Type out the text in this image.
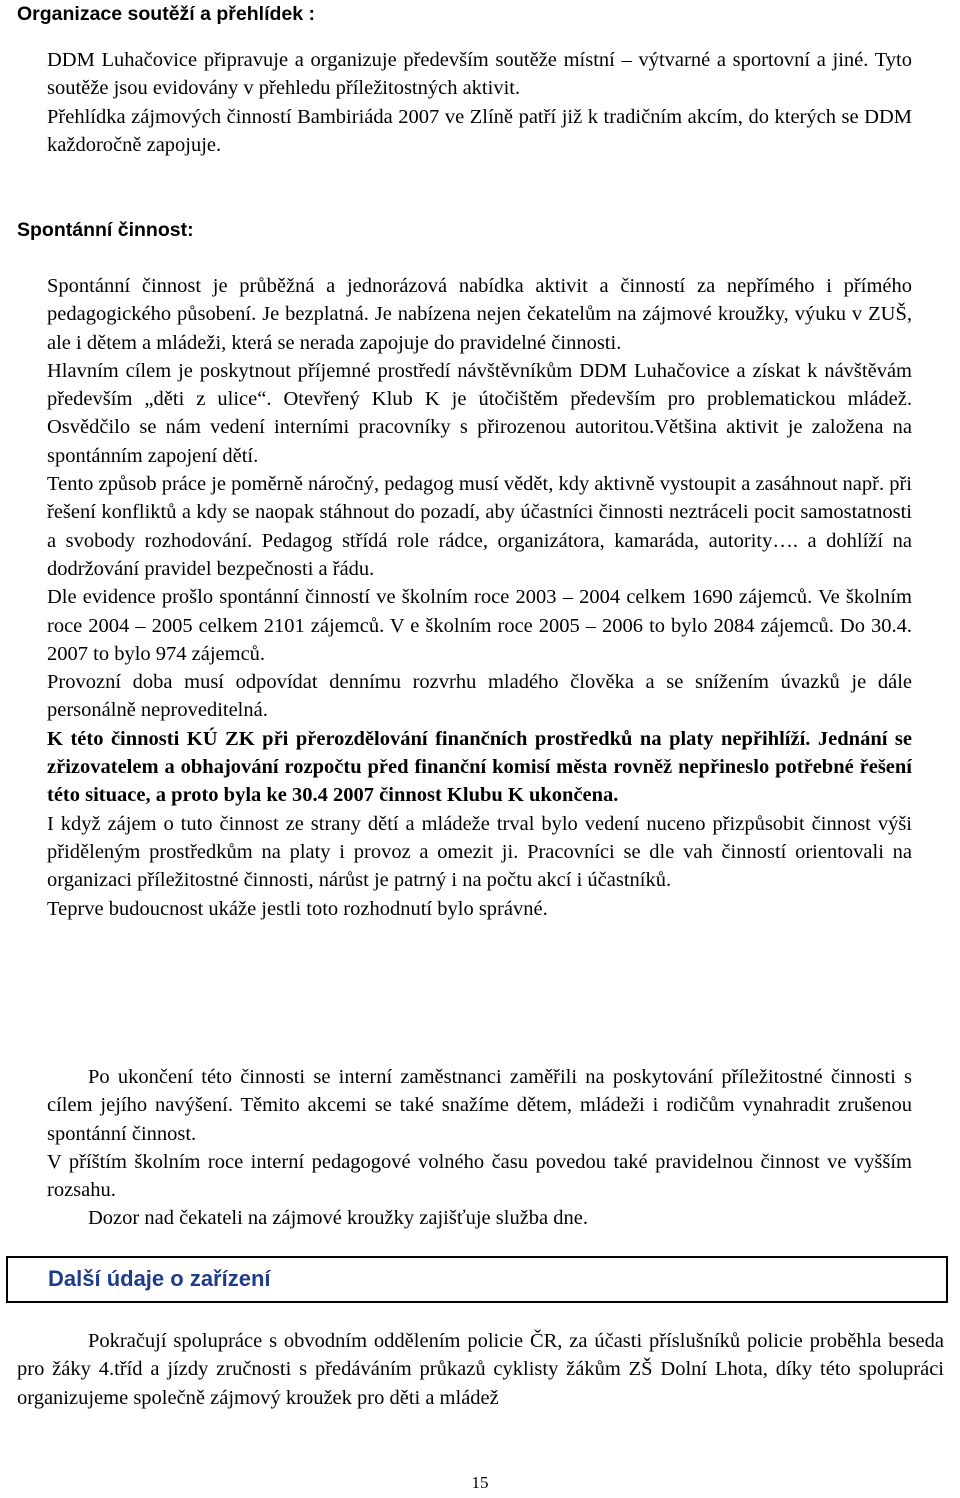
Organizace soutěží a přehlídek :

DDM Luhačovice připravuje a organizuje především soutěže místní – výtvarné a sportovní a jiné. Tyto soutěže jsou evidovány v přehledu příležitostných aktivit.

Přehlídka zájmových činností Bambiriáda 2007 ve Zlíně patří již k tradičním akcím, do kterých se DDM každoročně zapojuje.

Spontánní činnost:

Spontánní činnost je průběžná a jednorázová nabídka aktivit a činností za nepřímého i přímého pedagogického působení. Je bezplatná. Je nabízena nejen čekatelům na zájmové kroužky, výuku v ZUŠ, ale i dětem a mládeži, která se nerada zapojuje do pravidelné činnosti.

Hlavním cílem je poskytnout příjemné prostředí návštěvníkům DDM Luhačovice a získat k návštěvám především „děti z ulice“. Otevřený Klub K je útočištěm především pro problematickou mládež. Osvědčilo se nám vedení interními pracovníky s přirozenou autoritou.Většina aktivit je založena na spontánním zapojení dětí.

Tento způsob práce je poměrně náročný, pedagog musí vědět, kdy aktivně vystoupit a zasáhnout např. při řešení konfliktů a kdy se naopak stáhnout do pozadí, aby účastníci činnosti neztráceli pocit samostatnosti a svobody rozhodování. Pedagog střídá role rádce, organizátora, kamaráda, autority…. a dohlíží na dodržování pravidel bezpečnosti a řádu.

Dle evidence prošlo spontánní činností ve školním roce 2003 – 2004 celkem 1690 zájemců. Ve školním roce 2004 – 2005 celkem 2101 zájemců. V e školním roce 2005 – 2006 to bylo 2084 zájemců. Do 30.4. 2007 to bylo 974 zájemců.

Provozní doba musí odpovídat dennímu rozvrhu mladého člověka a se snížením úvazků je dále personálně neproveditelná.

K této činnosti KÚ ZK při přerozdělování finančních prostředků na platy nepřihlíží. Jednání se zřizovatelem a obhajování rozpočtu před finanční komisí města rovněž nepřineslo potřebné řešení této situace, a proto byla ke 30.4 2007 činnost Klubu K ukončena.

I když zájem o tuto činnost ze strany dětí a mládeže trval bylo vedení nuceno přizpůsobit činnost výši přiděleným prostředkům na platy i provoz a omezit ji. Pracovníci se dle vah činností orientovali na organizaci příležitostné činnosti, nárůst je patrný i na počtu akcí i účastníků.

Teprve budoucnost ukáže jestli toto rozhodnutí bylo správné.

Po ukončení této činnosti se interní zaměstnanci zaměřili na poskytování příležitostné činnosti s cílem jejího navýšení. Těmito akcemi se také snažíme dětem, mládeži i rodičům vynahradit zrušenou spontánní činnost.

V příštím školním roce interní pedagogové volného času povedou také pravidelnou činnost ve vyšším rozsahu.

Dozor nad čekateli na zájmové kroužky zajišťuje služba dne.

Další údaje o zařízení

Pokračují spolupráce s obvodním oddělením policie ČR, za účasti příslušníků policie proběhla beseda pro žáky 4.tříd a jízdy zručnosti s předáváním průkazů cyklisty žákům ZŠ Dolní Lhota, díky této spolupráci organizujeme společně zájmový kroužek pro děti a mládež

15
